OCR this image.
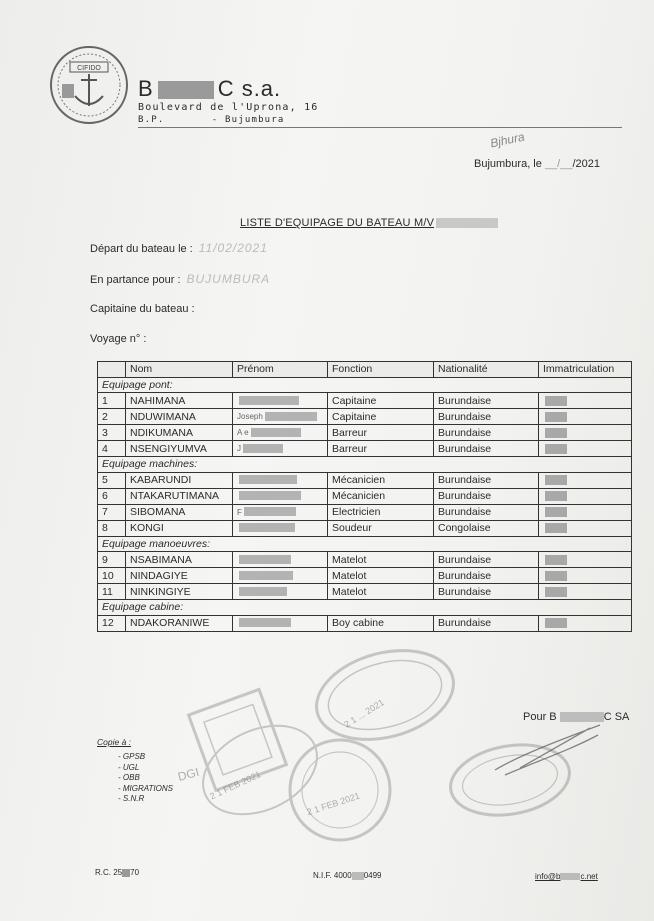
CIFIDO
B	C s.a.
Boulevard de l'Uprona, 16
B.P.	- Bujumbura
Bjhura
Bujumbura, le __/__/2021
LISTE D'EQUIPAGE DU BATEAU M/V
Départ du bateau le : 11/02/2021
En partance pour : BUJUMBURA
Capitaine du bateau :
Voyage n° :
	Nom	Prénom	Fonction	Nationalité	Immatriculation
Equipage pont:					
1	NAHIMANA		Capitaine	Burundaise	
2	NDUWIMANA	Joseph	Capitaine	Burundaise	
3	NDIKUMANA	A e	Barreur	Burundaise	
4	NSENGIYUMVA	J	Barreur	Burundaise	
Equipage machines:					
5	KABARUNDI		Mécanicien	Burundaise	
6	NTAKARUTIMANA		Mécanicien	Burundaise	
7	SIBOMANA	F	Electricien	Burundaise	
8	KONGI		Soudeur	Congolaise	
Equipage manoeuvres:					
9	NSABIMANA		Matelot	Burundaise	
10	NINDAGIYE		Matelot	Burundaise	
11	NINKINGIYE		Matelot	Burundaise	
Equipage cabine:					
12	NDAKORANIWE		Boy cabine	Burundaise	
2 1 ... 2021
2 1 FEB 2021
2 1 FEB 2021
DGI
Pour B	C SA
Copie à :
- GPSB
- UGL
- OBB
- MIGRATIONS
- S.N.R
R.C. 25 70	N.I.F. 4000 0499	info@b	c.net
